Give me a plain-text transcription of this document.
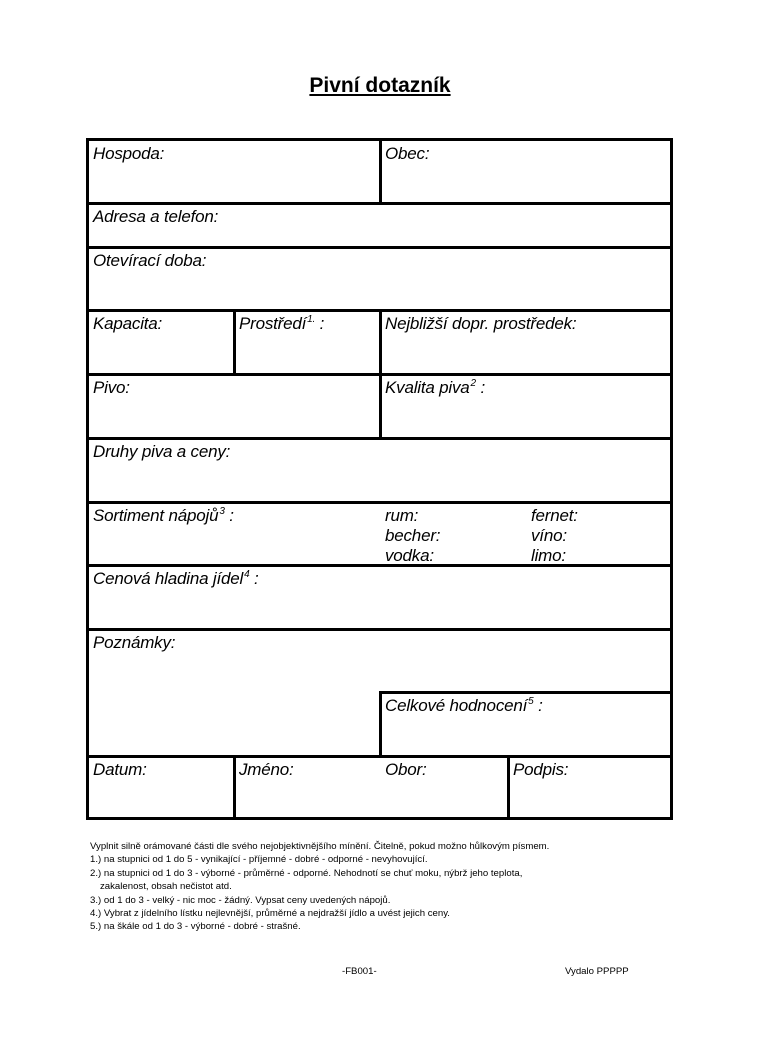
Pivní dotazník
Hospoda:	Obec:
Adresa a telefon:
Otevírací doba:
Kapacita:	Prostředí$^{1.}$ :	Nejbližší dopr. prostředek:
Pivo:	Kvalita piva$^2$ :
Druhy piva a ceny:
Sortiment nápojů$^3$ :	rum:	fernet:
becher:	víno:
vodka:	limo:
Cenová hladina jídel$^4$ :
Poznámky:
Celkové hodnocení$^5$ :
Datum:	Jméno:	Obor:	Podpis:
Vyplnit silně orámované části dle svého nejobjektivnějšího mínění. Čitelně, pokud možno hůlkovým písmem.
1.) na stupnici od 1 do 5 - vynikající - příjemné - dobré - odporné - nevyhovující.
2.) na stupnici od 1 do 3 - výborné - průměrné - odporné. Nehodnotí se chuť moku, nýbrž jeho teplota,
zakalenost, obsah nečistot atd.
3.) od 1 do 3 - velký - nic moc - žádný. Vypsat ceny uvedených nápojů.
4.) Vybrat z jídelního lístku nejlevnější, průměrné a nejdražší jídlo a uvést jejich ceny.
5.) na škále od 1 do 3 - výborné - dobré - strašné.
-FB001-	Vydalo PPPPP
